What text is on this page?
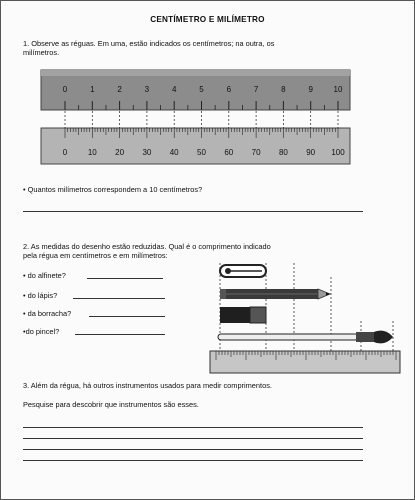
CENTÍMETRO E MILÍMETRO
1. Observe as réguas. Em uma, estão indicados os centímetros; na outra, os
milímetros.
0	1	2	3	4	5	6	7	8	9	10
0	10 20 30 40 50 60 70 80 90 100
• Quantos milímetros correspondem a 10 centímetros?
2. As medidas do desenho estão reduzidas. Qual é o comprimento indicado
pela régua em centímetros e em milímetros:
• do alfinete?
• do lápis?
• da borracha?
•do pincel?
3. Além da régua, há outros instrumentos usados para medir comprimentos.
Pesquise para descobrir que instrumentos são esses.
